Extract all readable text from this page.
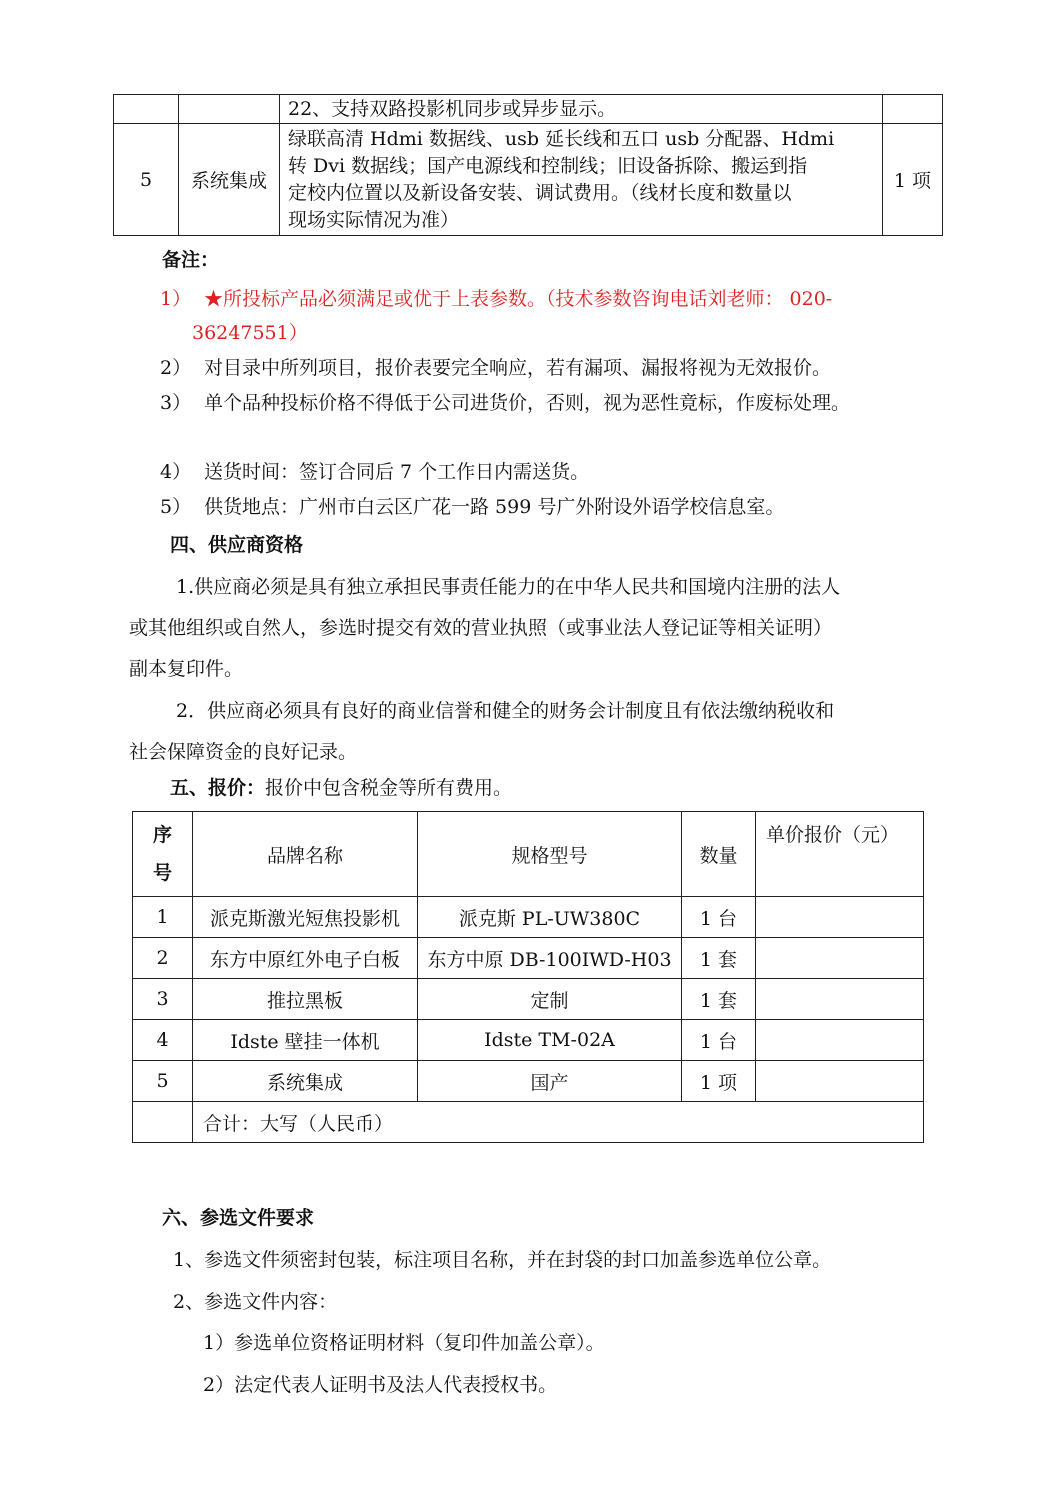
		22、支持双路投影机同步或异步显示。	
5	系统集成	绿联高清 Hdmi 数据线、usb 延长线和五口 usb 分配器、Hdmi
转 Dvi 数据线；国产电源线和控制线；旧设备拆除、搬运到指
定校内位置以及新设备安装、调试费用。（线材长度和数量以
现场实际情况为准）	1 项
备注：
1） ★所投标产品必须满足或优于上表参数。（技术参数咨询电话刘老师： 020-
36247551）
2） 对目录中所列项目，报价表要完全响应，若有漏项、漏报将视为无效报价。
3） 单个品种投标价格不得低于公司进货价，否则，视为恶性竟标，作废标处理。
4） 送货时间：签订合同后 7 个工作日内需送货。
5） 供货地点：广州市白云区广花一路 599 号广外附设外语学校信息室。
四、供应商资格
1.供应商必须是具有独立承担民事责任能力的在中华人民共和国境内注册的法人
或其他组织或自然人，参选时提交有效的营业执照（或事业法人登记证等相关证明）
副本复印件。
2．供应商必须具有良好的商业信誉和健全的财务会计制度且有依法缴纳税收和
社会保障资金的良好记录。
五、报价：报价中包含税金等所有费用。
序
号	品牌名称	规格型号	数量	单价报价（元）
1	派克斯激光短焦投影机	派克斯 PL-UW380C	1 台	
2	东方中原红外电子白板	东方中原 DB-100IWD-H03	1 套	
3	推拉黑板	定制	1 套	
4	Idste 壁挂一体机	Idste TM-02A	1 台	
5	系统集成	国产	1 项	
	合计：大写（人民币）			
六、参选文件要求
1、参选文件须密封包装，标注项目名称，并在封袋的封口加盖参选单位公章。
2、参选文件内容：
1）参选单位资格证明材料（复印件加盖公章）。
2）法定代表人证明书及法人代表授权书。
